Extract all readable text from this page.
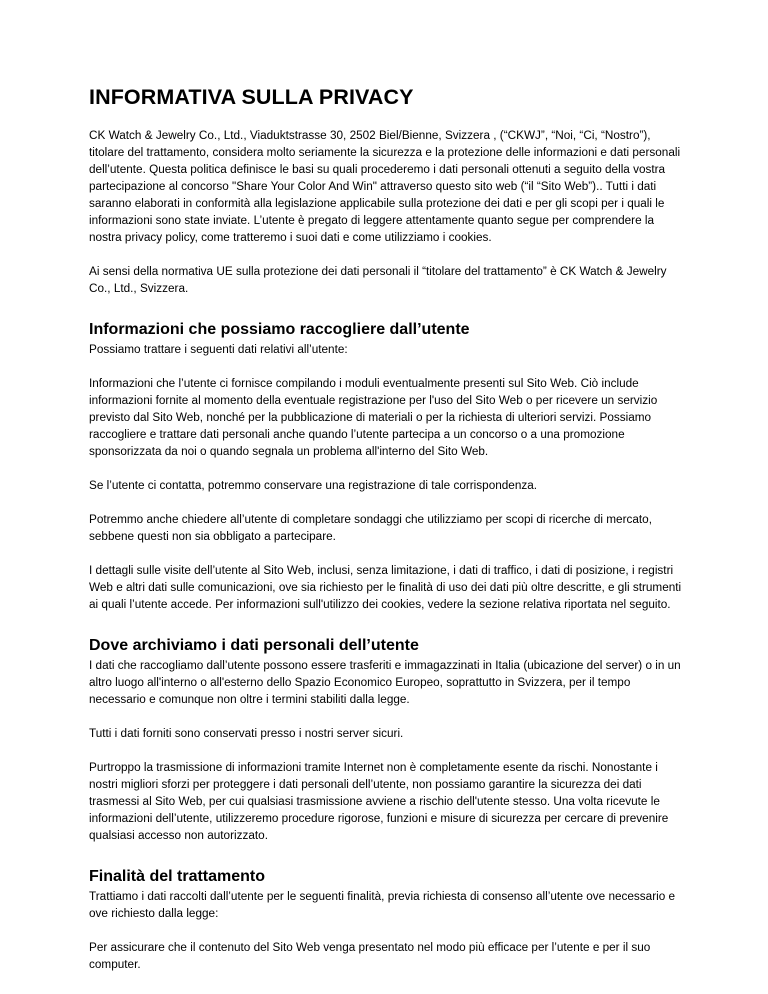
INFORMATIVA SULLA PRIVACY

CK Watch & Jewelry Co., Ltd., Viaduktstrasse 30, 2502 Biel/Bienne, Svizzera , (“CKWJ”, “Noi, “Ci, “Nostro”), titolare del trattamento, considera molto seriamente la sicurezza e la protezione delle informazioni e dati personali dell’utente. Questa politica definisce le basi su quali procederemo i dati personali ottenuti a seguito della vostra partecipazione al concorso "Share Your Color And Win" attraverso questo sito web (“il “Sito Web”).. Tutti i dati saranno elaborati in conformità alla legislazione applicabile sulla protezione dei dati e per gli scopi per i quali le informazioni sono state inviate. L’utente è pregato di leggere attentamente quanto segue per comprendere la nostra privacy policy, come tratteremo i suoi dati e come utilizziamo i cookies.

Ai sensi della normativa UE sulla protezione dei dati personali il “titolare del trattamento” è CK Watch & Jewelry Co., Ltd., Svizzera.

Informazioni che possiamo raccogliere dall’utente

Possiamo trattare i seguenti dati relativi all’utente:

Informazioni che l’utente ci fornisce compilando i moduli eventualmente presenti sul Sito Web. Ciò include informazioni fornite al momento della eventuale registrazione per l'uso del Sito Web o per ricevere un servizio previsto dal Sito Web, nonché per la pubblicazione di materiali o per la richiesta di ulteriori servizi. Possiamo raccogliere e trattare dati personali anche quando l’utente partecipa a un concorso o a una promozione sponsorizzata da noi o quando segnala un problema all'interno del Sito Web.

Se l’utente ci contatta, potremmo conservare una registrazione di tale corrispondenza.

Potremmo anche chiedere all’utente di completare sondaggi che utilizziamo per scopi di ricerche di mercato, sebbene questi non sia obbligato a partecipare.

I dettagli sulle visite dell’utente al Sito Web, inclusi, senza limitazione, i dati di traffico, i dati di posizione, i registri Web e altri dati sulle comunicazioni, ove sia richiesto per le finalità di uso dei dati più oltre descritte, e gli strumenti ai quali l’utente accede. Per informazioni sull'utilizzo dei cookies, vedere la sezione relativa riportata nel seguito.

Dove archiviamo i dati personali dell’utente

I dati che raccogliamo dall’utente possono essere trasferiti e immagazzinati in Italia (ubicazione del server) o in un altro luogo all'interno o all'esterno dello Spazio Economico Europeo, soprattutto in Svizzera, per il tempo necessario e comunque non oltre i termini stabiliti dalla legge.

Tutti i dati forniti sono conservati presso i nostri server sicuri.

Purtroppo la trasmissione di informazioni tramite Internet non è completamente esente da rischi. Nonostante i nostri migliori sforzi per proteggere i dati personali dell’utente, non possiamo garantire la sicurezza dei dati trasmessi al Sito Web, per cui qualsiasi trasmissione avviene a rischio dell'utente stesso. Una volta ricevute le informazioni dell’utente, utilizzeremo procedure rigorose, funzioni e misure di sicurezza per cercare di prevenire qualsiasi accesso non autorizzato.

Finalità del trattamento

Trattiamo i dati raccolti dall’utente per le seguenti finalità, previa richiesta di consenso all’utente ove necessario e ove richiesto dalla legge:

Per assicurare che il contenuto del Sito Web venga presentato nel modo più efficace per l’utente e per il suo computer.
